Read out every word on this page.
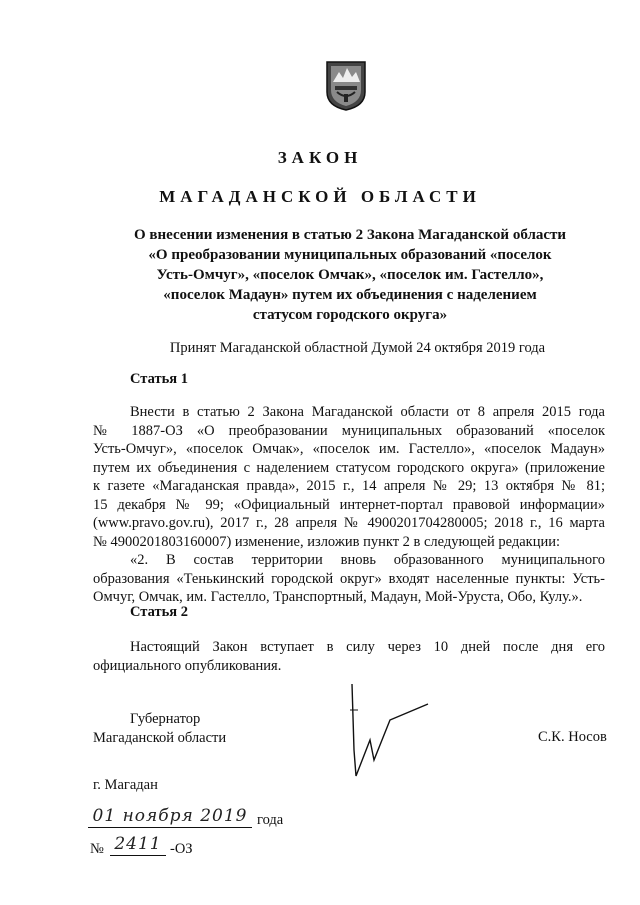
ЗАКОН
МАГАДАНСКОЙ ОБЛАСТИ
О внесении изменения в статью 2 Закона Магаданской области
«О преобразовании муниципальных образований «поселок
Усть-Омчуг», «поселок Омчак», «поселок им. Гастелло»,
«поселок Мадаун» путем их объединения с наделением
статусом городского округа»
Принят Магаданской областной Думой 24 октября 2019 года
Статья 1
Внести в статью 2 Закона Магаданской области от 8 апреля 2015 года
№ 1887-ОЗ «О преобразовании муниципальных образований «поселок
Усть-Омчуг», «поселок Омчак», «поселок им. Гастелло», «поселок Мадаун»
путем их объединения с наделением статусом городского округа» (приложение
к газете «Магаданская правда», 2015 г., 14 апреля № 29; 13 октября № 81;
15 декабря № 99; «Официальный интернет-портал правовой информации»
(www.pravo.gov.ru), 2017 г., 28 апреля № 4900201704280005; 2018 г., 16 марта
№ 4900201803160007) изменение, изложив пункт 2 в следующей редакции:
«2. В состав территории вновь образованного муниципального
образования «Тенькинский городской округ» входят населенные пункты: Усть-
Омчуг, Омчак, им. Гастелло, Транспортный, Мадаун, Мой-Уруста, Обо, Кулу.».
Статья 2
Настоящий Закон вступает в силу через 10 дней после дня его
официального опубликования.
Губернатор
Магаданской области	С.К. Носов
г. Магадан
01 ноября 2019 года
№ 2411 -ОЗ
